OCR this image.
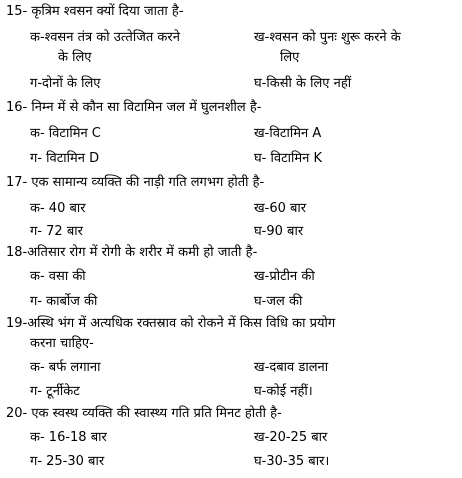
15- कृत्रिम श्‍वसन क्‍यों दिया जाता है-
क-श्‍वसन तंत्र को उत्‍तेजित करने	ख-श्‍वसन को पुनः शुरू करने के
के लिए	लिए
ग-दोनों के लिए	घ-किसी के लिए नहीं
16- निम्‍न में से कौन सा विटामिन जल में घुलनशील है-
क- विटामिन C	ख-विटामिन A
ग- विटामिन D	घ- विटामिन K
17- एक सामान्‍य व्‍यक्ति की नाड़ी गति लगभग होती है-
क- 40 बार	ख-60 बार
ग- 72 बार	घ-90 बार
18-अतिसार रोग में रोगी के शरीर में कमी हो जाती है-
क- वसा की	ख-प्रोटीन की
ग- कार्बोज की	घ-जल की
19-अस्थि भंग में अत्‍यधिक रक्‍तस्राव को रोकने में किस विधि का प्रयोग
करना चाहिए-
क- बर्फ लगाना	ख-दबाव डालना
ग- टूर्नीकेट	घ-कोई नहीं।
20- एक स्‍वस्‍थ व्‍यक्ति की स्‍वास्‍थ्‍य गति प्रति मिनट होती है-
क- 16-18 बार	ख-20-25 बार
ग- 25-30 बार	घ-30-35 बार।
